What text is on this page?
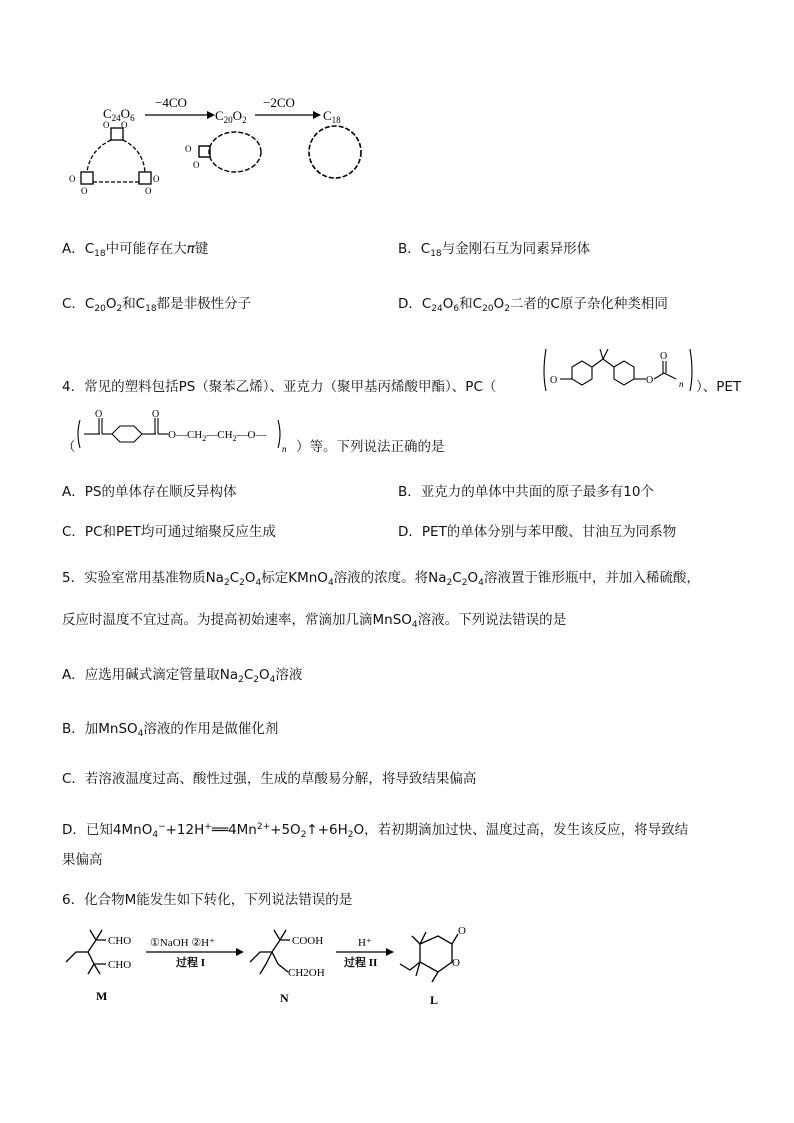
$C_{24}O_6$
−4CO
$C_{20}O_2$
−2CO
$C_{18}$
O O
O
O
O
O
O
O
A．$C_{18}$中可能存在大π键	B．$C_{18}$与金刚石互为同素异形体
C．$C_{20}O_2$和$C_{18}$都是非极性分子	D．$C_{24}O_6$和$C_{20}O_2$二者的C原子杂化种类相同
4．常见的塑料包括PS（聚苯乙烯）、亚克力（聚甲基丙烯酸甲酯）、PC（	O	O
O
n ）、PET
（
O	O
$O—CH_2—CH_2—O—$
n ）等。下列说法正确的是
A．PS的单体存在顺反异构体	B．亚克力的单体中共面的原子最多有10个
C．PC和PET均可通过缩聚反应生成	D．PET的单体分别与苯甲酸、甘油互为同系物
5．实验室常用基准物质$Na_2C_2O_4$标定KMnO$_4$溶液的浓度。将$Na_2C_2O_4$溶液置于锥形瓶中，并加入稀硫酸，
反应时温度不宜过高。为提高初始速率，常滴加几滴MnSO$_4$溶液。下列说法错误的是
A．应选用碱式滴定管量取$Na_2C_2O_4$溶液
B．加MnSO$_4$溶液的作用是做催化剂
C．若溶液温度过高、酸性过强，生成的草酸易分解，将导致结果偏高
D．已知$4MnO_4^-+12H^+══4Mn^{2+}+5O_2↑+6H_2O$，若初期滴加过快、温度过高，发生该反应，将导致结
果偏高
6．化合物M能发生如下转化，下列说法错误的是
CHO
CHO
M
①NaOH ②H⁺
过程 I
COOH
CH2OH
N
H⁺
过程 II
O
O
L
